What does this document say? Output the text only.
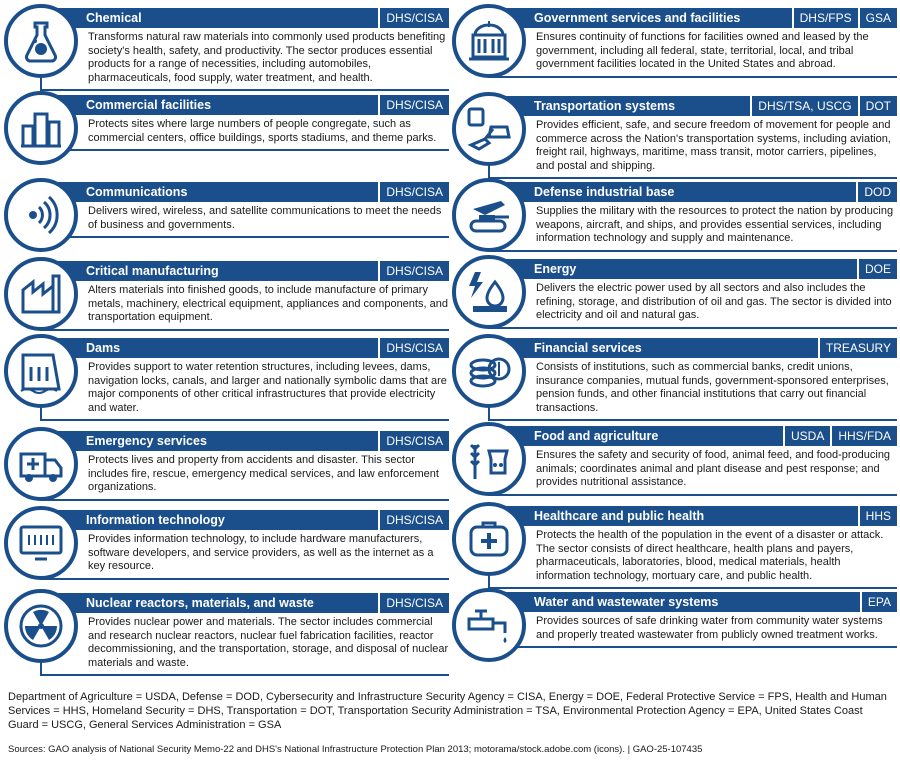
Chemical	DHS/CISA
Transforms natural raw materials into commonly used products benefiting society's health, safety, and productivity. The sector produces essential products for a range of necessities, including automobiles, pharmaceuticals, food supply, water treatment, and health.
Commercial facilities	DHS/CISA
Protects sites where large numbers of people congregate, such as commercial centers, office buildings, sports stadiums, and theme parks.
Communications	DHS/CISA
Delivers wired, wireless, and satellite communications to meet the needs of business and governments.
Critical manufacturing	DHS/CISA
Alters materials into finished goods, to include manufacture of primary metals, machinery, electrical equipment, appliances and components, and transportation equipment.
Dams	DHS/CISA
Provides support to water retention structures, including levees, dams, navigation locks, canals, and larger and nationally symbolic dams that are major components of other critical infrastructures that provide electricity and water.
Emergency services	DHS/CISA
Protects lives and property from accidents and disaster. This sector includes fire, rescue, emergency medical services, and law enforcement organizations.
Information technology	DHS/CISA
Provides information technology, to include hardware manufacturers, software developers, and service providers, as well as the internet as a key resource.
Nuclear reactors, materials, and waste	DHS/CISA
Provides nuclear power and materials. The sector includes commercial and research nuclear reactors, nuclear fuel fabrication facilities, reactor decommissioning, and the transportation, storage, and disposal of nuclear materials and waste.
Government services and facilities	DHS/FPS	GSA
Ensures continuity of functions for facilities owned and leased by the government, including all federal, state, territorial, local, and tribal government facilities located in the United States and abroad.
Transportation systems	DHS/TSA, USCG	DOT
Provides efficient, safe, and secure freedom of movement for people and commerce across the Nation's transportation systems, including aviation, freight rail, highways, maritime, mass transit, motor carriers, pipelines, and postal and shipping.
Defense industrial base	DOD
Supplies the military with the resources to protect the nation by producing weapons, aircraft, and ships, and provides essential services, including information technology and supply and maintenance.
Energy	DOE
Delivers the electric power used by all sectors and also includes the refining, storage, and distribution of oil and gas. The sector is divided into electricity and oil and natural gas.
Financial services	TREASURY
Consists of institutions, such as commercial banks, credit unions, insurance companies, mutual funds, government-sponsored enterprises, pension funds, and other financial institutions that carry out financial transactions.
Food and agriculture	USDA	HHS/FDA
Ensures the safety and security of food, animal feed, and food-producing animals; coordinates animal and plant disease and pest response; and provides nutritional assistance.
Healthcare and public health	HHS
Protects the health of the population in the event of a disaster or attack. The sector consists of direct healthcare, health plans and payers, pharmaceuticals, laboratories, blood, medical materials, health information technology, mortuary care, and public health.
Water and wastewater systems	EPA
Provides sources of safe drinking water from community water systems and properly treated wastewater from publicly owned treatment works.
Department of Agriculture = USDA, Defense = DOD, Cybersecurity and Infrastructure Security Agency = CISA, Energy = DOE, Federal Protective Service = FPS, Health and Human Services = HHS, Homeland Security = DHS, Transportation = DOT, Transportation Security Administration = TSA, Environmental Protection Agency = EPA, United States Coast Guard = USCG, General Services Administration = GSA
Sources: GAO analysis of National Security Memo-22 and DHS's National Infrastructure Protection Plan 2013; motorama/stock.adobe.com (icons). | GAO-25-107435
